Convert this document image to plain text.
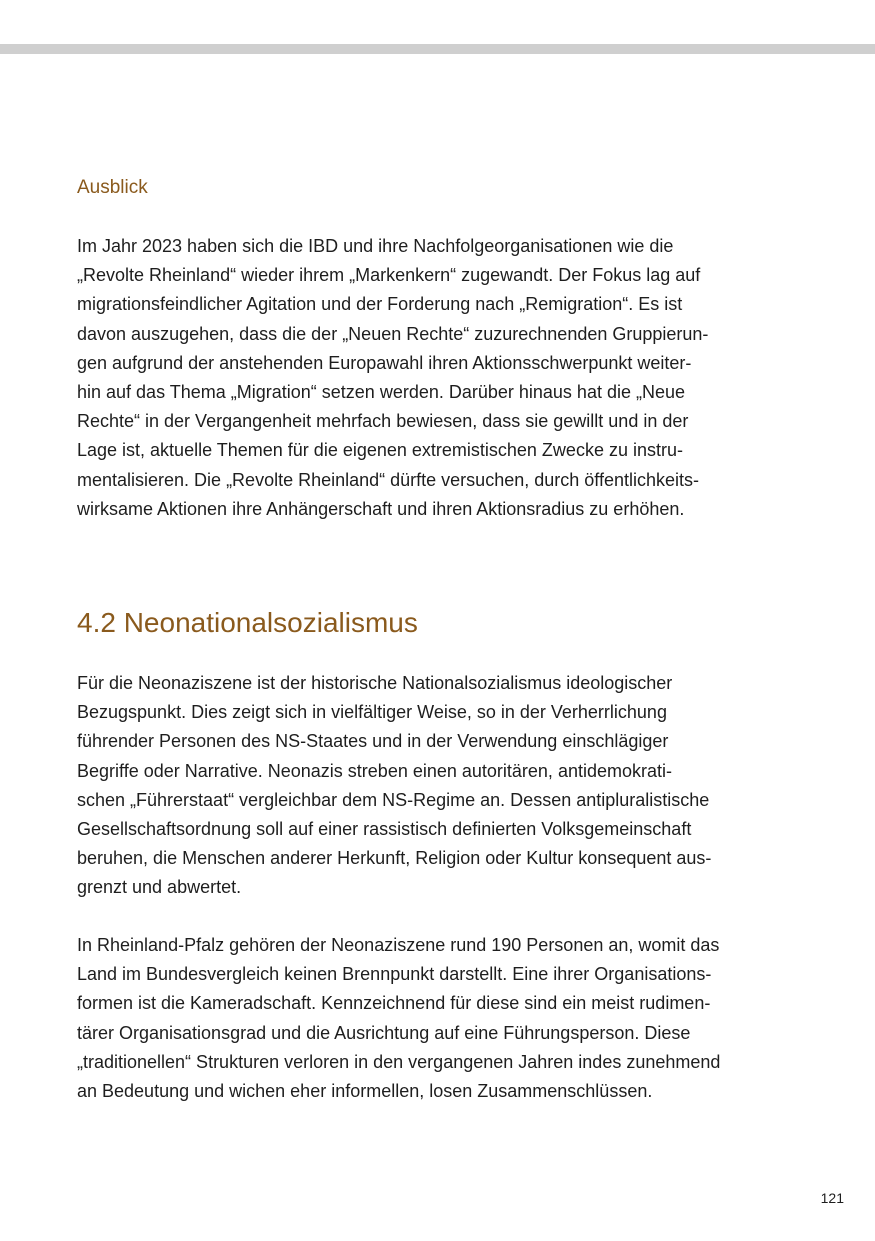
Ausblick

Im Jahr 2023 haben sich die IBD und ihre Nachfolgeorganisationen wie die
„Revolte Rheinland“ wieder ihrem „Markenkern“ zugewandt. Der Fokus lag auf
migrationsfeindlicher Agitation und der Forderung nach „Remigration“. Es ist
davon auszugehen, dass die der „Neuen Rechte“ zuzurechnenden Gruppierun-
gen aufgrund der anstehenden Europawahl ihren Aktionsschwerpunkt weiter-
hin auf das Thema „Migration“ setzen werden. Darüber hinaus hat die „Neue
Rechte“ in der Vergangenheit mehrfach bewiesen, dass sie gewillt und in der
Lage ist, aktuelle Themen für die eigenen extremistischen Zwecke zu instru-
mentalisieren. Die „Revolte Rheinland“ dürfte versuchen, durch öffentlichkeits-
wirksame Aktionen ihre Anhängerschaft und ihren Aktionsradius zu erhöhen.

4.2 Neonationalsozialismus

Für die Neonaziszene ist der historische Nationalsozialismus ideologischer
Bezugspunkt. Dies zeigt sich in vielfältiger Weise, so in der Verherrlichung
führender Personen des NS-Staates und in der Verwendung einschlägiger
Begriffe oder Narrative. Neonazis streben einen autoritären, antidemokrati-
schen „Führerstaat“ vergleichbar dem NS-Regime an. Dessen antipluralistische
Gesellschaftsordnung soll auf einer rassistisch definierten Volksgemeinschaft
beruhen, die Menschen anderer Herkunft, Religion oder Kultur konsequent aus-
grenzt und abwertet.

In Rheinland-Pfalz gehören der Neonaziszene rund 190 Personen an, womit das
Land im Bundesvergleich keinen Brennpunkt darstellt. Eine ihrer Organisations-
formen ist die Kameradschaft. Kennzeichnend für diese sind ein meist rudimen-
tärer Organisationsgrad und die Ausrichtung auf eine Führungsperson. Diese
„traditionellen“ Strukturen verloren in den vergangenen Jahren indes zunehmend
an Bedeutung und wichen eher informellen, losen Zusammenschlüssen.

121
